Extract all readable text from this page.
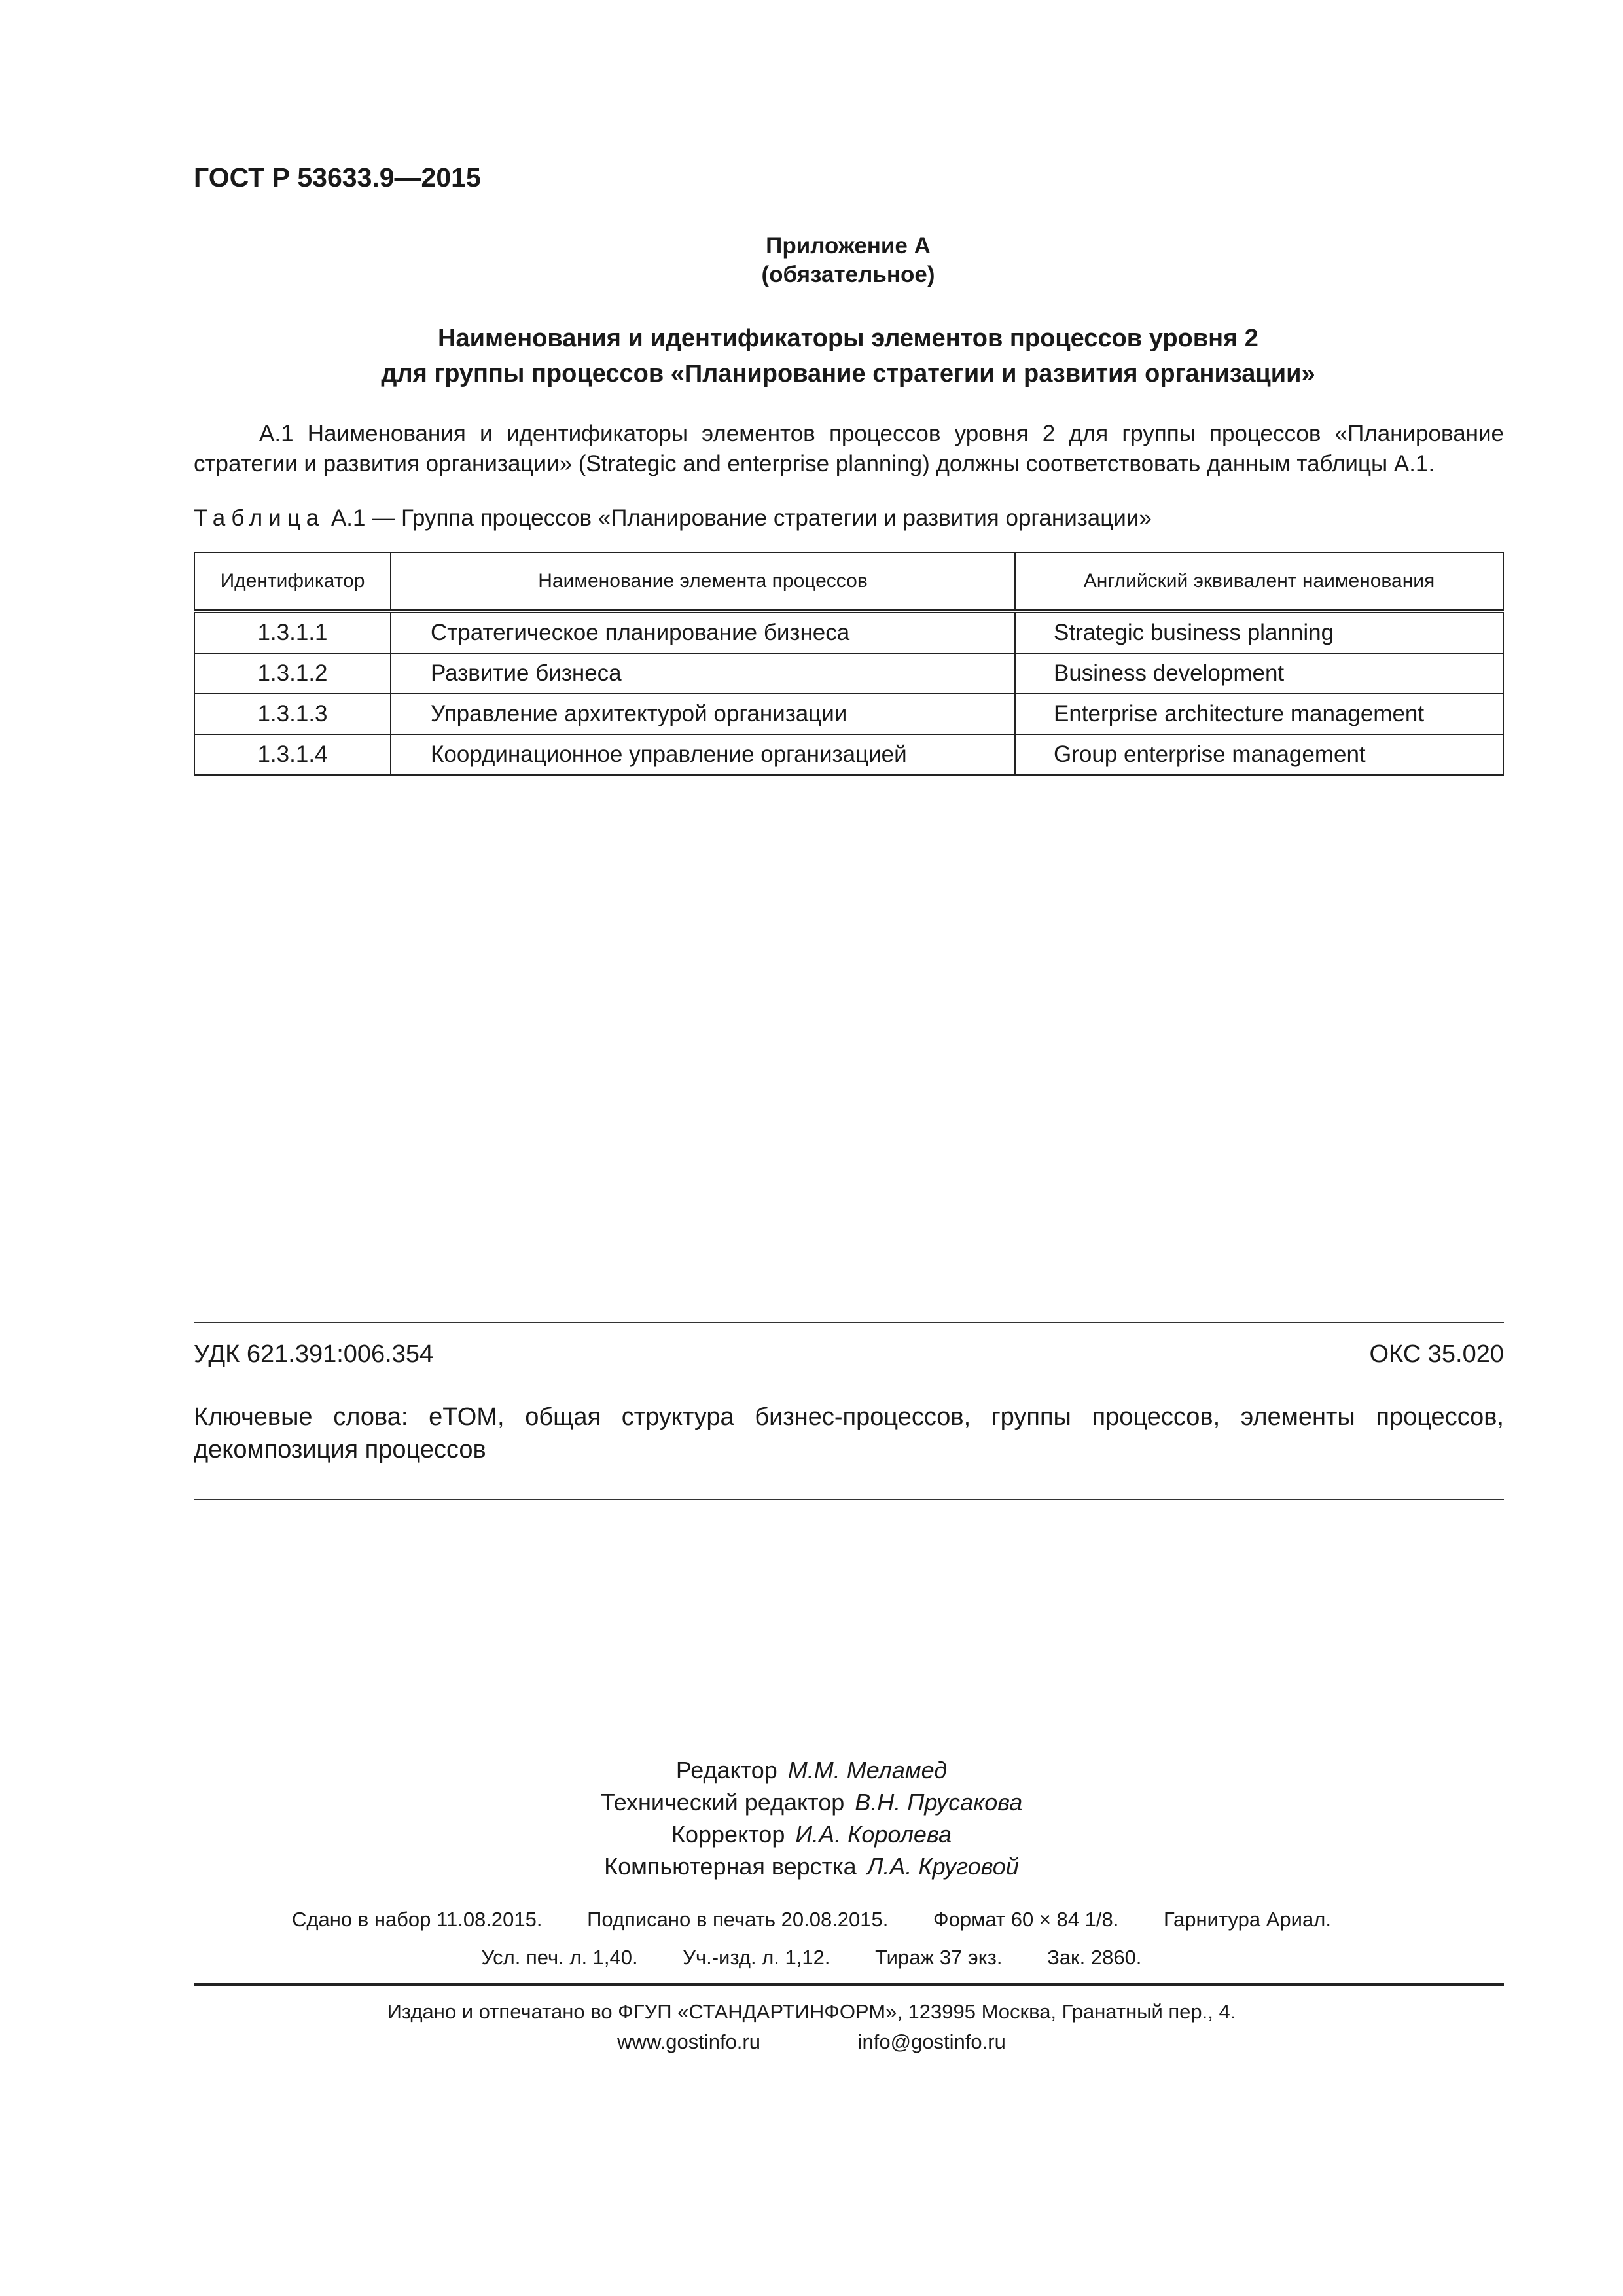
ГОСТ Р 53633.9—2015
Приложение А
(обязательное)
Наименования и идентификаторы элементов процессов уровня 2
для группы процессов «Планирование стратегии и развития организации»
А.1 Наименования и идентификаторы элементов процессов уровня 2 для группы процессов «Планирование стратегии и развития организации» (Strategic and enterprise planning) должны соответствовать данным таблицы А.1.
Таблица А.1 — Группа процессов «Планирование стратегии и развития организации»
Идентификатор	Наименование элемента процессов	Английский эквивалент наименования
1.3.1.1	Стратегическое планирование бизнеса	Strategic business planning
1.3.1.2	Развитие бизнеса	Business development
1.3.1.3	Управление архитектурой организации	Enterprise architecture management
1.3.1.4	Координационное управление организацией	Group enterprise management
УДК 621.391:006.354	ОКС 35.020
Ключевые слова: eTOM, общая структура бизнес-процессов, группы процессов, элементы процессов, декомпозиция процессов
Редактор М.М. Меламед
Технический редактор В.Н. Прусакова
Корректор И.А. Королева
Компьютерная верстка Л.А. Круговой
Сдано в набор 11.08.2015. Подписано в печать 20.08.2015. Формат 60 × 84 1/8. Гарнитура Ариал.
Усл. печ. л. 1,40. Уч.-изд. л. 1,12. Тираж 37 экз. Зак. 2860.
Издано и отпечатано во ФГУП «СТАНДАРТИНФОРМ», 123995 Москва, Гранатный пер., 4.
www.gostinfo.ru	info@gostinfo.ru
